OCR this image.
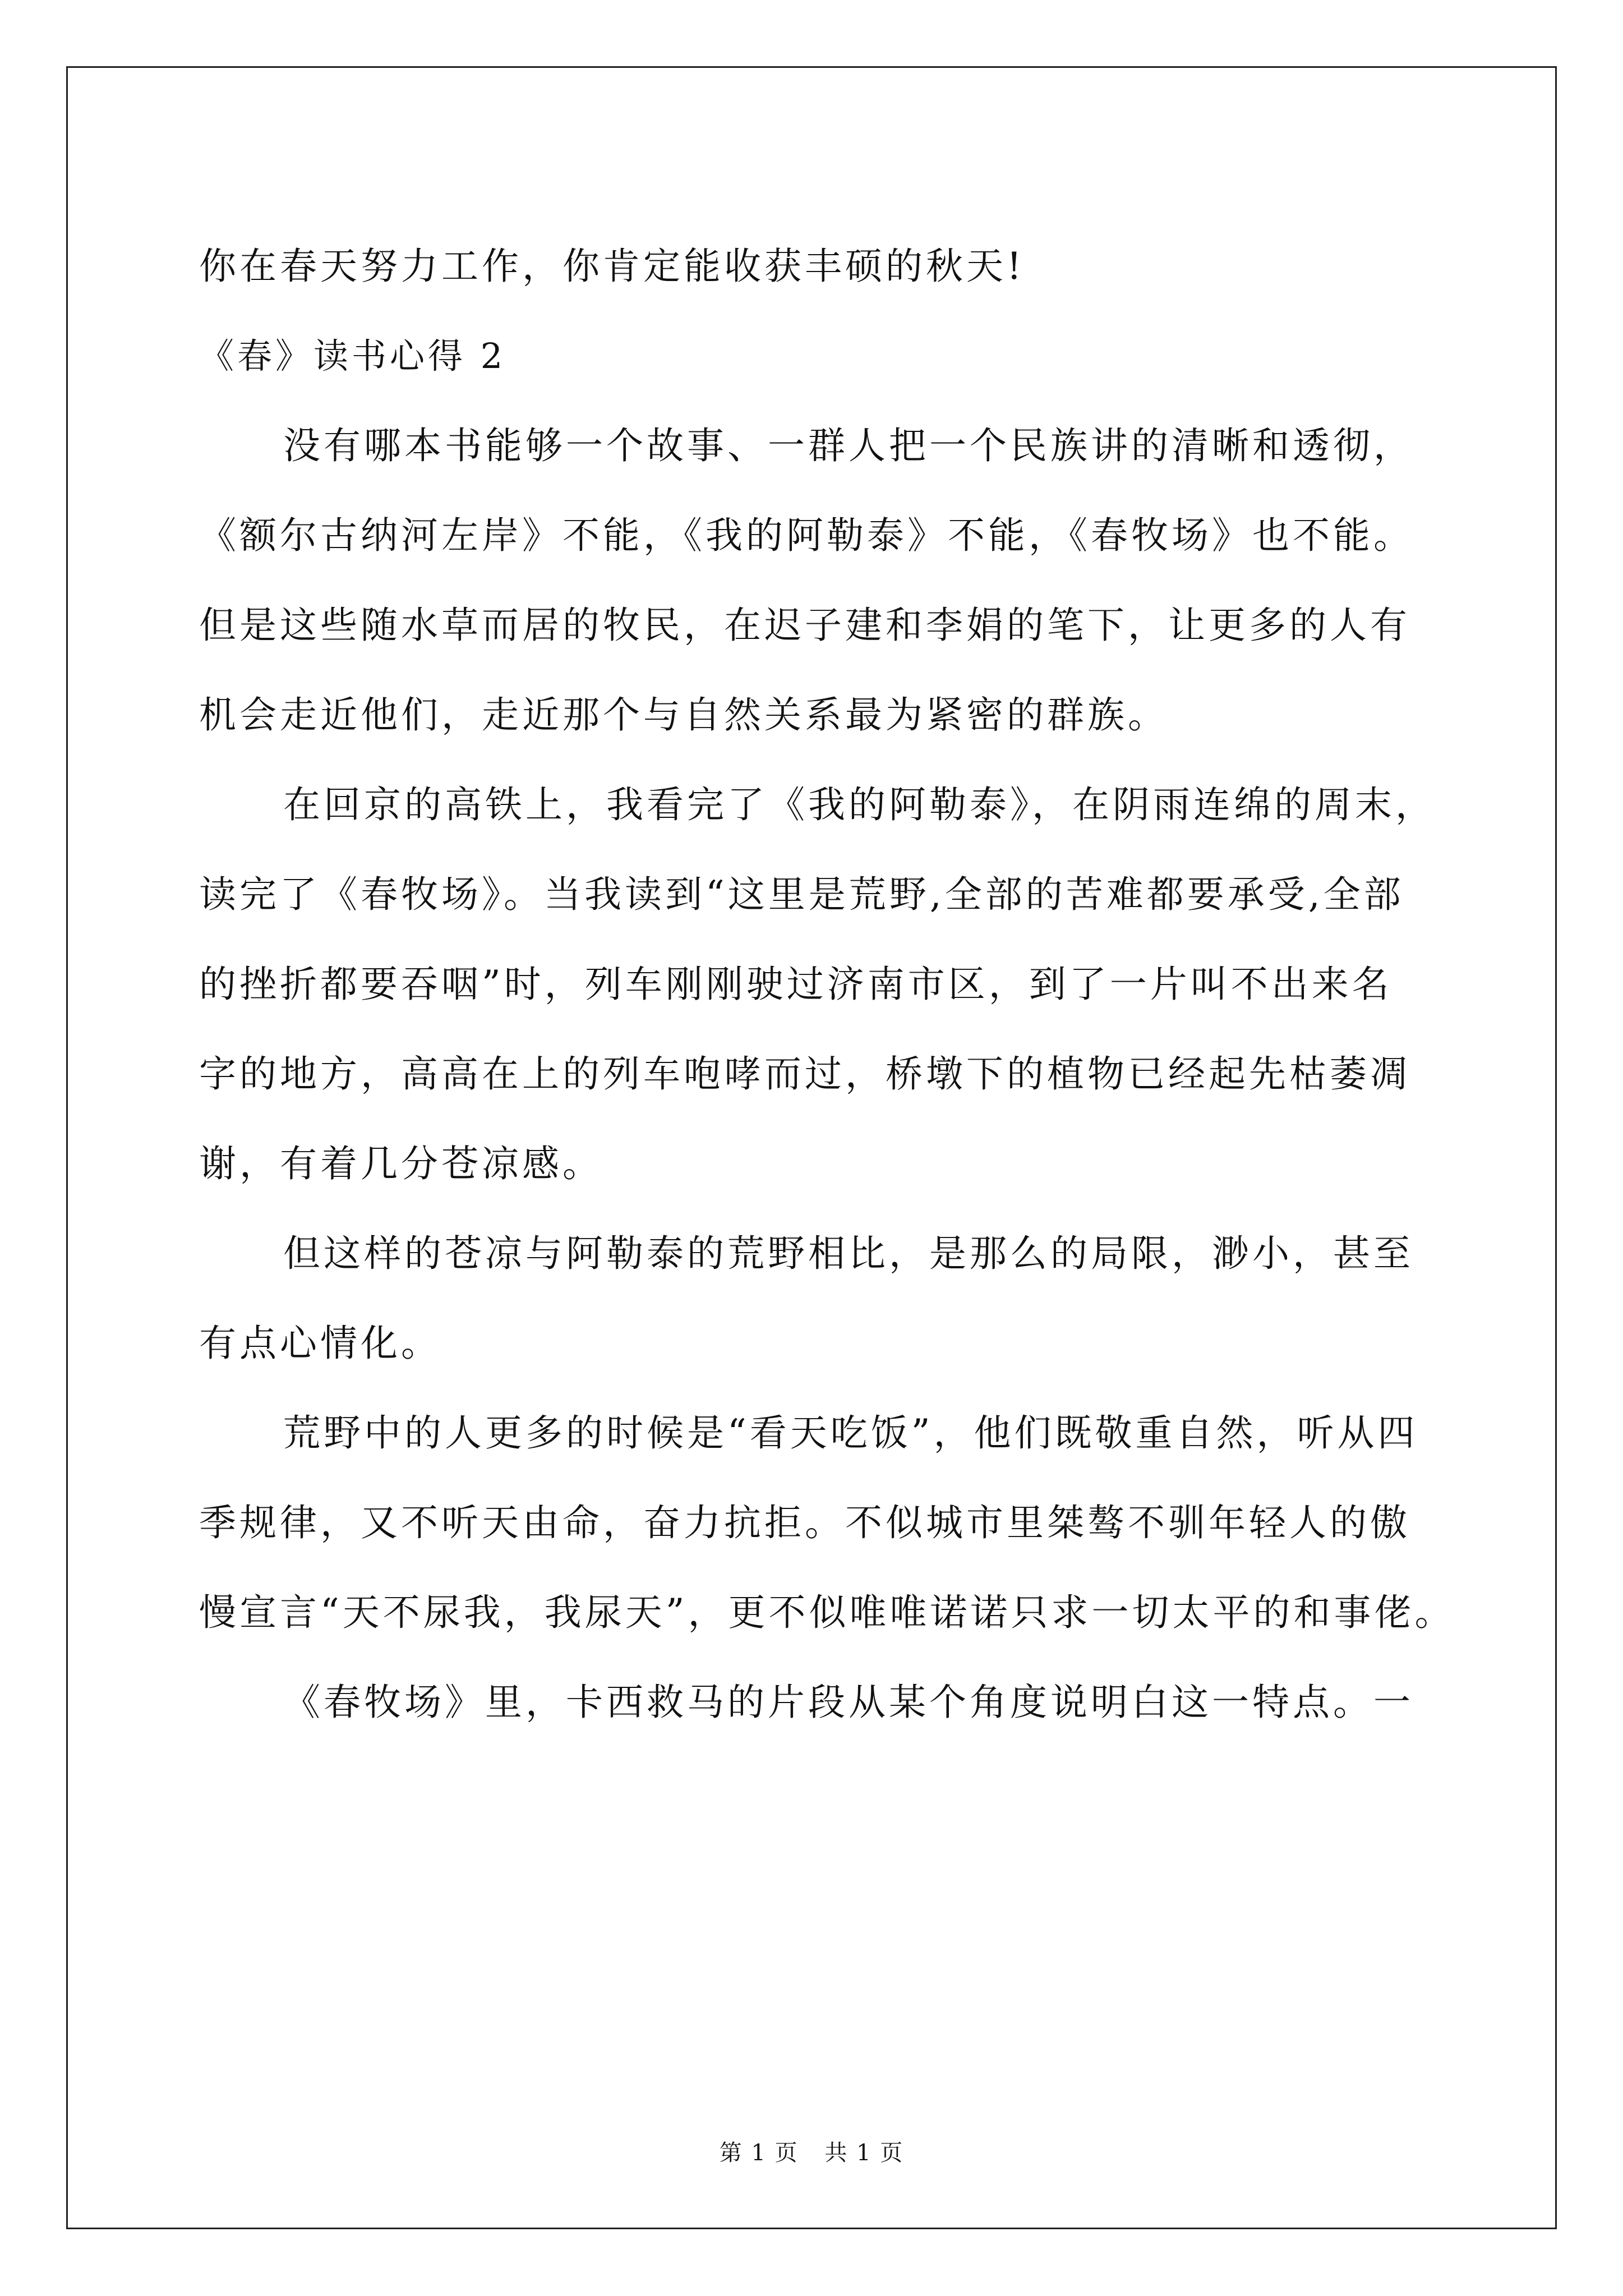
你在春天努力工作，你肯定能收获丰硕的秋天!
《春》读书心得 2
没有哪本书能够一个故事、一群人把一个民族讲的清晰和透彻，
《额尔古纳河左岸》不能，《我的阿勒泰》不能，《春牧场》也不能。
但是这些随水草而居的牧民，在迟子建和李娟的笔下，让更多的人有
机会走近他们，走近那个与自然关系最为紧密的群族。
在回京的高铁上，我看完了《我的阿勒泰》，在阴雨连绵的周末，
读完了《春牧场》。当我读到“这里是荒野,全部的苦难都要承受,全部
的挫折都要吞咽”时，列车刚刚驶过济南市区，到了一片叫不出来名
字的地方，高高在上的列车咆哮而过，桥墩下的植物已经起先枯萎凋
谢，有着几分苍凉感。
但这样的苍凉与阿勒泰的荒野相比，是那么的局限，渺小，甚至
有点心情化。
荒野中的人更多的时候是“看天吃饭”，他们既敬重自然，听从四
季规律，又不听天由命，奋力抗拒。不似城市里桀骜不驯年轻人的傲
慢宣言“天不尿我，我尿天”，更不似唯唯诺诺只求一切太平的和事佬。
《春牧场》里，卡西救马的片段从某个角度说明白这一特点。一
第 1 页 共 1 页
